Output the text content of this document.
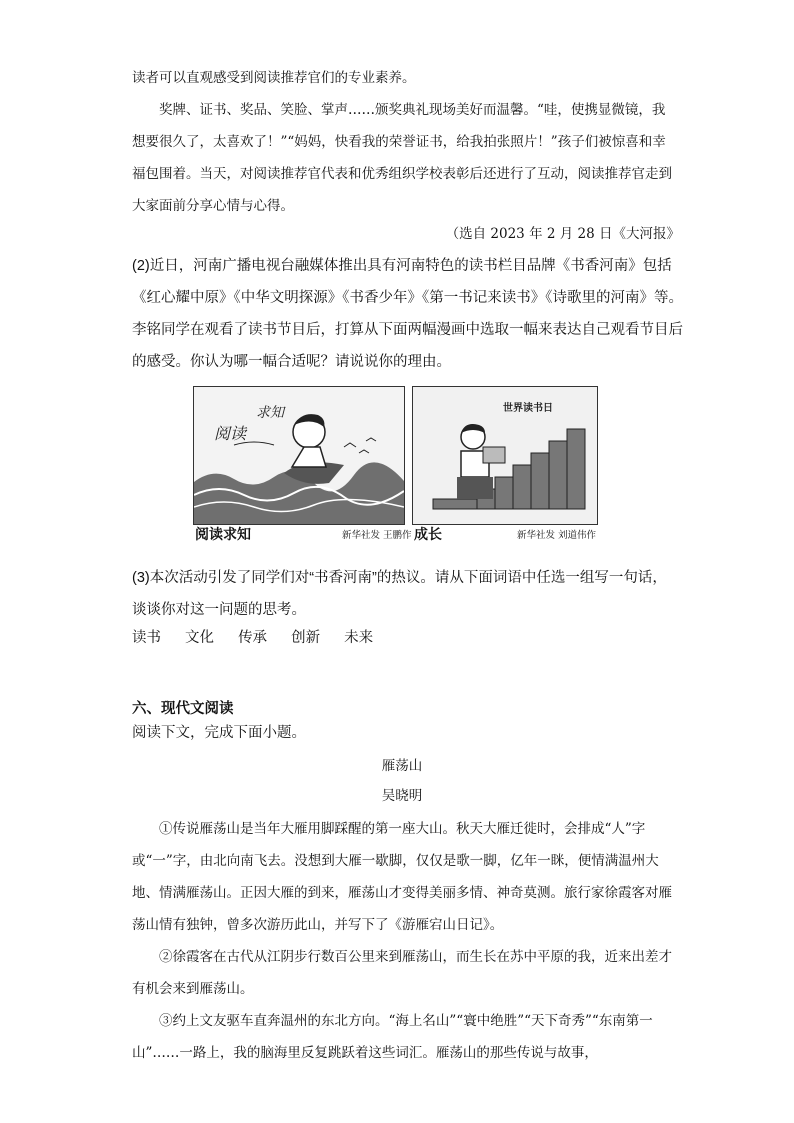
读者可以直观感受到阅读推荐官们的专业素养。

奖牌、证书、奖品、笑脸、掌声……颁奖典礼现场美好而温馨。“哇，使携显微镜，我想要很久了，太喜欢了！”“妈妈，快看我的荣誉证书，给我拍张照片！”孩子们被惊喜和幸福包围着。当天，对阅读推荐官代表和优秀组织学校表彰后还进行了互动，阅读推荐官走到大家面前分享心情与心得。

（选自 2023 年 2 月 28 日《大河报》

(2)近日，河南广播电视台融媒体推出具有河南特色的读书栏目品牌《书香河南》包括《红心耀中原》《中华文明探源》《书香少年》《第一书记来读书》《诗歌里的河南》等。李铭同学在观看了读书节目后，打算从下面两幅漫画中选取一幅来表达自己观看节目后的感受。你认为哪一幅合适呢？请说说你的理由。

阅读
求知
阅读求知	新华社发 王鹏作
世界读书日
成长	新华社发 刘道伟作

(3)本次活动引发了同学们对“书香河南”的热议。请从下面词语中任选一组写一句话，谈谈你对这一问题的思考。

读书 文化 传承 创新 未来

六、现代文阅读

阅读下文，完成下面小题。

雁荡山

吴晓明

①传说雁荡山是当年大雁用脚踩醒的第一座大山。秋天大雁迁徙时，会排成“人”字或“一”字，由北向南飞去。没想到大雁一歇脚，仅仅是歌一脚，亿年一眯，便情满温州大地、情满雁荡山。正因大雁的到来，雁荡山才变得美丽多情、神奇莫测。旅行家徐霞客对雁荡山情有独钟，曾多次游历此山，并写下了《游雁宕山日记》。

②徐霞客在古代从江阴步行数百公里来到雁荡山，而生长在苏中平原的我，近来出差才有机会来到雁荡山。

③约上文友驱车直奔温州的东北方向。“海上名山”“寰中绝胜”“天下奇秀”“东南第一山”……一路上，我的脑海里反复跳跃着这些词汇。雁荡山的那些传说与故事，
